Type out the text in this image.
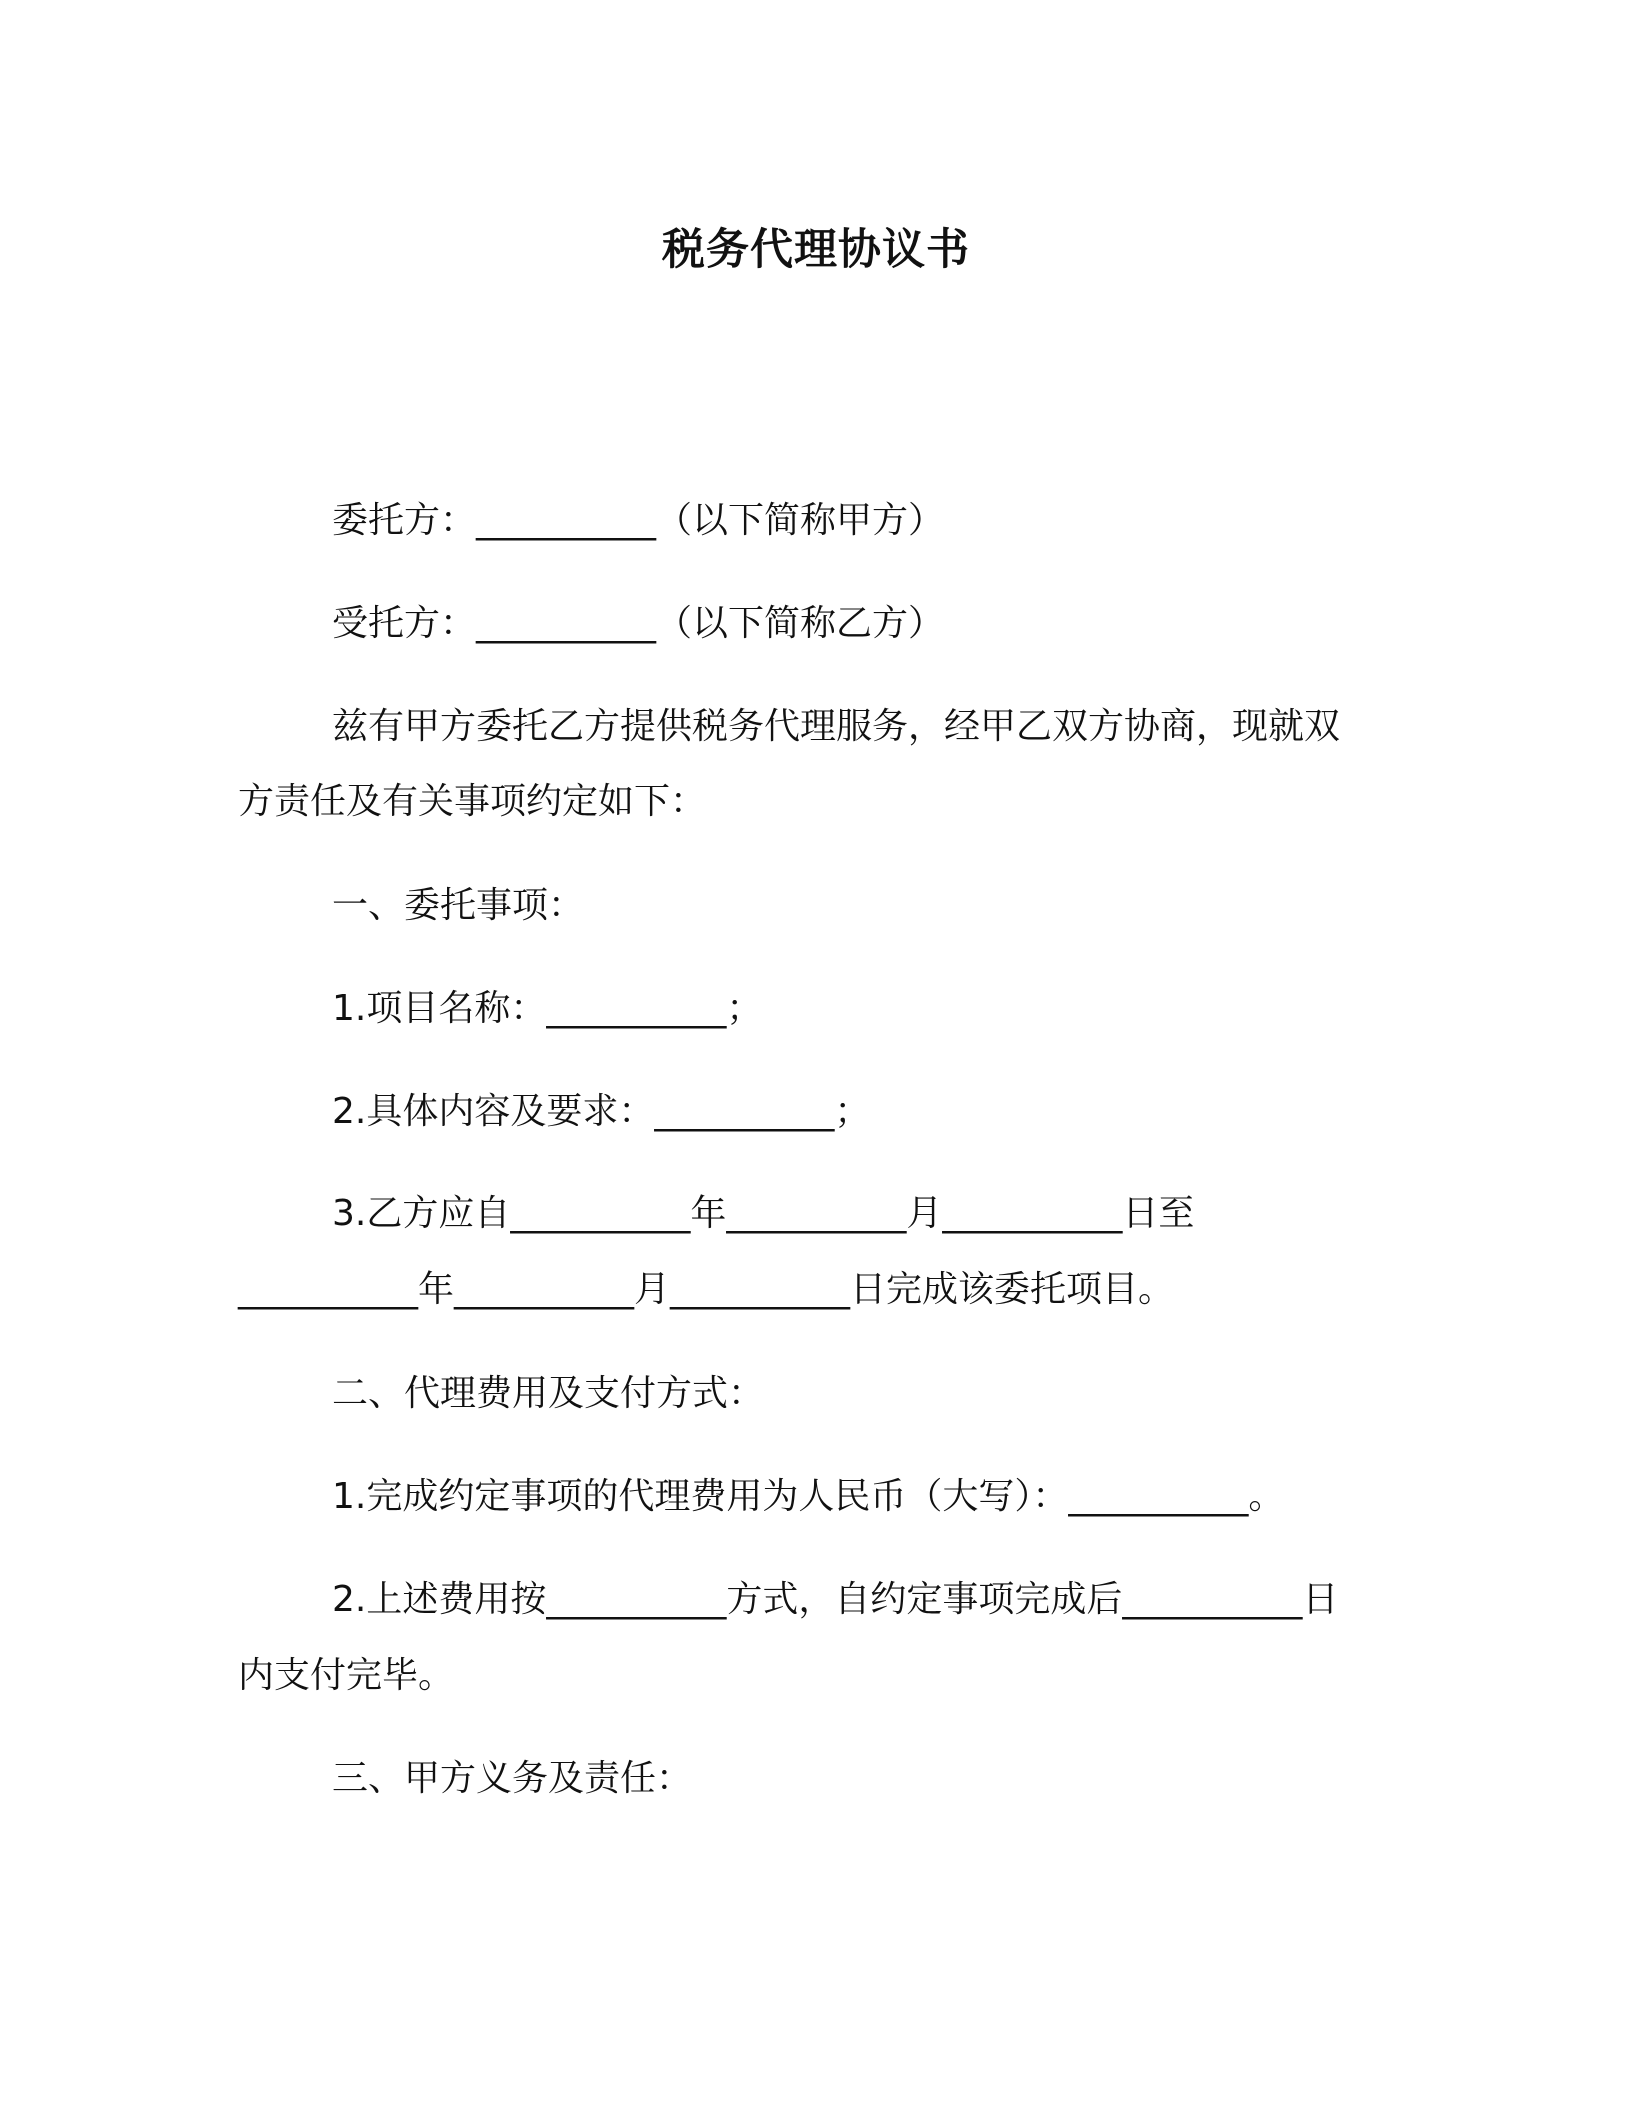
税务代理协议书
委托方：__________（以下简称甲方）
受托方：__________（以下简称乙方）
兹有甲方委托乙方提供税务代理服务，经甲乙双方协商，现就双
方责任及有关事项约定如下：
一、委托事项：
1.项目名称：__________；
2.具体内容及要求：__________；
3.乙方应自__________年__________月__________日至
__________年__________月__________日完成该委托项目。
二、代理费用及支付方式：
1.完成约定事项的代理费用为人民币（大写）：__________。
2.上述费用按__________方式，自约定事项完成后__________日
内支付完毕。
三、甲方义务及责任：
